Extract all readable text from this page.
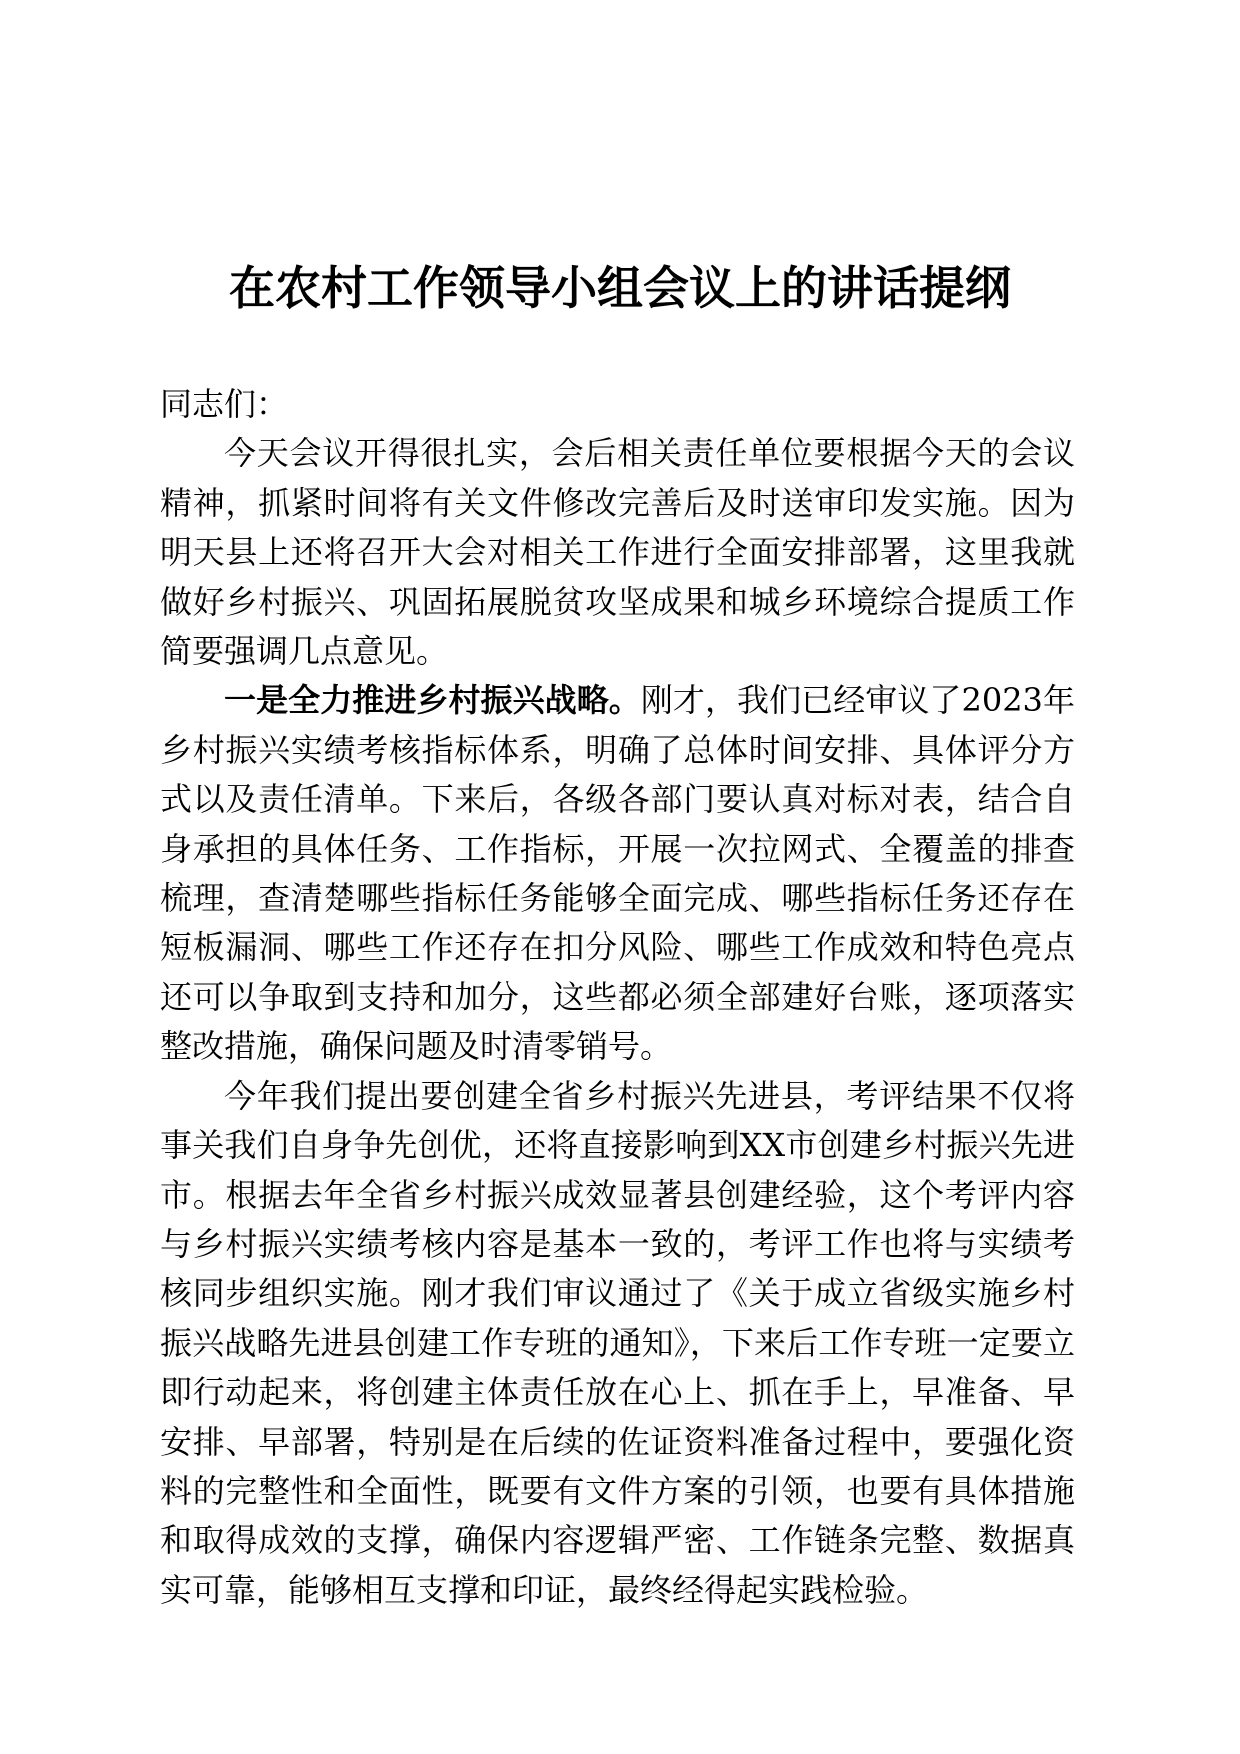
在农村工作领导小组会议上的讲话提纲

同志们：

今天会议开得很扎实，会后相关责任单位要根据今天的会议精神，抓紧时间将有关文件修改完善后及时送审印发实施。因为明天县上还将召开大会对相关工作进行全面安排部署，这里我就做好乡村振兴、巩固拓展脱贫攻坚成果和城乡环境综合提质工作简要强调几点意见。

一是全力推进乡村振兴战略。刚才，我们已经审议了2023年乡村振兴实绩考核指标体系，明确了总体时间安排、具体评分方式以及责任清单。下来后，各级各部门要认真对标对表，结合自身承担的具体任务、工作指标，开展一次拉网式、全覆盖的排查梳理，查清楚哪些指标任务能够全面完成、哪些指标任务还存在短板漏洞、哪些工作还存在扣分风险、哪些工作成效和特色亮点还可以争取到支持和加分，这些都必须全部建好台账，逐项落实整改措施，确保问题及时清零销号。

今年我们提出要创建全省乡村振兴先进县，考评结果不仅将事关我们自身争先创优，还将直接影响到XX市创建乡村振兴先进市。根据去年全省乡村振兴成效显著县创建经验，这个考评内容与乡村振兴实绩考核内容是基本一致的，考评工作也将与实绩考核同步组织实施。刚才我们审议通过了《关于成立省级实施乡村振兴战略先进县创建工作专班的通知》，下来后工作专班一定要立即行动起来，将创建主体责任放在心上、抓在手上，早准备、早安排、早部署，特别是在后续的佐证资料准备过程中，要强化资料的完整性和全面性，既要有文件方案的引领，也要有具体措施和取得成效的支撑，确保内容逻辑严密、工作链条完整、数据真实可靠，能够相互支撑和印证，最终经得起实践检验。
